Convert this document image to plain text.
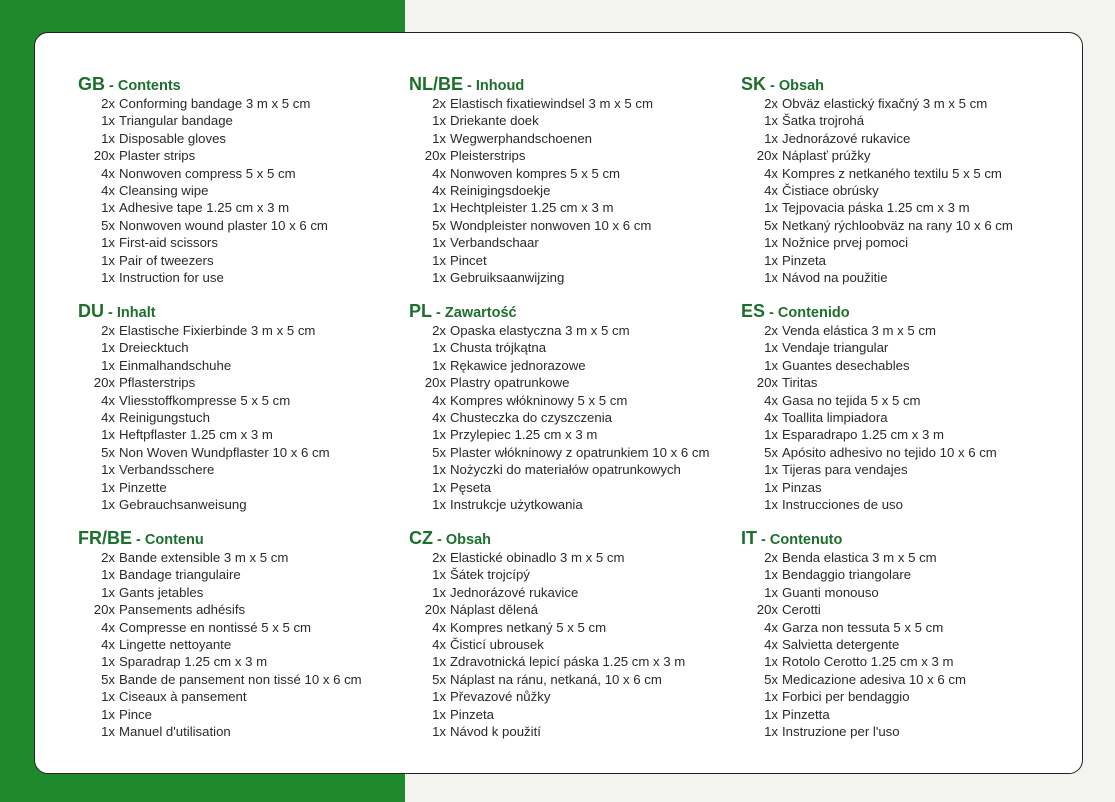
GB - Contents
2x Conforming bandage 3 m x 5 cm
1x Triangular bandage
1x Disposable gloves
20x Plaster strips
4x Nonwoven compress 5 x 5 cm
4x Cleansing wipe
1x Adhesive tape 1.25 cm x 3 m
5x Nonwoven wound plaster 10 x 6 cm
1x First-aid scissors
1x Pair of tweezers
1x Instruction for use
DU - Inhalt
2x Elastische Fixierbinde 3 m x 5 cm
1x Dreiecktuch
1x Einmalhandschuhe
20x Pflasterstrips
4x Vliesstoffkompresse 5 x 5 cm
4x Reinigungstuch
1x Heftpflaster 1.25 cm x 3 m
5x Non Woven Wundpflaster 10 x 6 cm
1x Verbandsschere
1x Pinzette
1x Gebrauchsanweisung
FR/BE - Contenu
2x Bande extensible 3 m x 5 cm
1x Bandage triangulaire
1x Gants jetables
20x Pansements adhésifs
4x Compresse en nontissé 5 x 5 cm
4x Lingette nettoyante
1x Sparadrap 1.25 cm x 3 m
5x Bande de pansement non tissé 10 x 6 cm
1x Ciseaux à pansement
1x Pince
1x Manuel d'utilisation
NL/BE - Inhoud
2x Elastisch fixatiewindsel 3 m x 5 cm
1x Driekante doek
1x Wegwerphandschoenen
20x Pleisterstrips
4x Nonwoven kompres 5 x 5 cm
4x Reinigingsdoekje
1x Hechtpleister 1.25 cm x 3 m
5x Wondpleister nonwoven 10 x 6 cm
1x Verbandschaar
1x Pincet
1x Gebruiksaanwijzing
PL - Zawartość
2x Opaska elastyczna 3 m x 5 cm
1x Chusta trójkątna
1x Rękawice jednorazowe
20x Plastry opatrunkowe
4x Kompres włókninowy 5 x 5 cm
4x Chusteczka do czyszczenia
1x Przylepiec 1.25 cm x 3 m
5x Plaster włókninowy z opatrunkiem 10 x 6 cm
1x Nożyczki do materiałów opatrunkowych
1x Pęseta
1x Instrukcje użytkowania
CZ - Obsah
2x Elastické obinadlo 3 m x 5 cm
1x Šátek trojcípý
1x Jednorázové rukavice
20x Náplast dělená
4x Kompres netkaný 5 x 5 cm
4x Čisticí ubrousek
1x Zdravotnická lepicí páska 1.25 cm x 3 m
5x Náplast na ránu, netkaná, 10 x 6 cm
1x Převazové nůžky
1x Pinzeta
1x Návod k použití
SK - Obsah
2x Obväz elastický fixačný 3 m x 5 cm
1x Šatka trojrohá
1x Jednorázové rukavice
20x Náplasť prúžky
4x Kompres z netkaného textilu 5 x 5 cm
4x Čistiace obrúsky
1x Tejpovacia páska 1.25 cm x 3 m
5x Netkaný rýchloobväz na rany 10 x 6 cm
1x Nožnice prvej pomoci
1x Pinzeta
1x Návod na použitie
ES - Contenido
2x Venda elástica 3 m x 5 cm
1x Vendaje triangular
1x Guantes desechables
20x Tiritas
4x Gasa no tejida 5 x 5 cm
4x Toallita limpiadora
1x Esparadrapo 1.25 cm x 3 m
5x Apósito adhesivo no tejido 10 x 6 cm
1x Tijeras para vendajes
1x Pinzas
1x Instrucciones de uso
IT - Contenuto
2x Benda elastica 3 m x 5 cm
1x Bendaggio triangolare
1x Guanti monouso
20x Cerotti
4x Garza non tessuta 5 x 5 cm
4x Salvietta detergente
1x Rotolo Cerotto 1.25 cm x 3 m
5x Medicazione adesiva 10 x 6 cm
1x Forbici per bendaggio
1x Pinzetta
1x Instruzione per l'uso
